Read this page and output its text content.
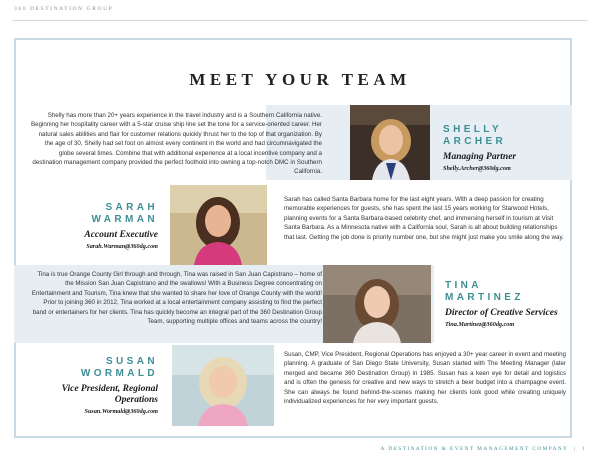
360 DESTINATION GROUP
MEET YOUR TEAM
Shelly has more than 20+ years experience in the travel industry and is a Southern California native. Beginning her hospitality career with a 5-star cruise ship line set the tone for a service-oriented career. Her natural sales abilities and flair for customer relations quickly thrust her to the top of that organization. By the age of 30, Shelly had set foot on almost every continent in the world and had circumnavigated the globe several times. Combine that with additional experience at a local incentive company and a destination management company provided the perfect foothold into owning a top-notch DMC in Southern California.
SHELLY
ARCHER
Managing Partner
Shelly.Archer@360dg.com
SARAH
WARMAN
Account Executive
Sarah.Warman@360dg.com
Sarah has called Santa Barbara home for the last eight years. With a deep passion for creating memorable experiences for guests, she has spent the last 15 years working for Starwood Hotels, planning events for a Santa Barbara-based celebrity chef, and immersing herself in tourism at Visit Santa Barbara. As a Minnesota native with a California soul, Sarah is all about building relationships that last. Getting the job done is priority number one, but she might just make you smile along the way.
Tina is true Orange County Girl through and through, Tina was raised in San Juan Capistrano – home of the Mission San Juan Capistrano and the swallows! With a Business Degree concentrating on Entertainment and Tourism, Tina knew that she wanted to share her love of Orange County with the world! Prior to joining 360 in 2012, Tina worked at a local entertainment company assisting to find the perfect band or entertainers for her clients. Tina has quickly become an integral part of the 360 Destination Group Team, supporting multiple offices and teams across the country!
TINA
MARTINEZ
Director of Creative Services
Tina.Martinez@360dg.com
SUSAN
WORMALD
Vice President, Regional Operations
Susan.Wormald@360dg.com
Susan, CMP, Vice President, Regional Operations has enjoyed a 30+ year career in event and meeting planning. A graduate of San Diego State University, Susan started with The Meeting Manager (later merged and became 360 Destination Group) in 1985. Susan has a keen eye for detail and logistics and is often the genesis for creative and new ways to stretch a beer budget into a champagne event. She can always be found behind-the-scenes making her clients look good while creating uniquely individualized experiences for her very important guests.
A DESTINATION & EVENT MANAGEMENT COMPANY | 1
